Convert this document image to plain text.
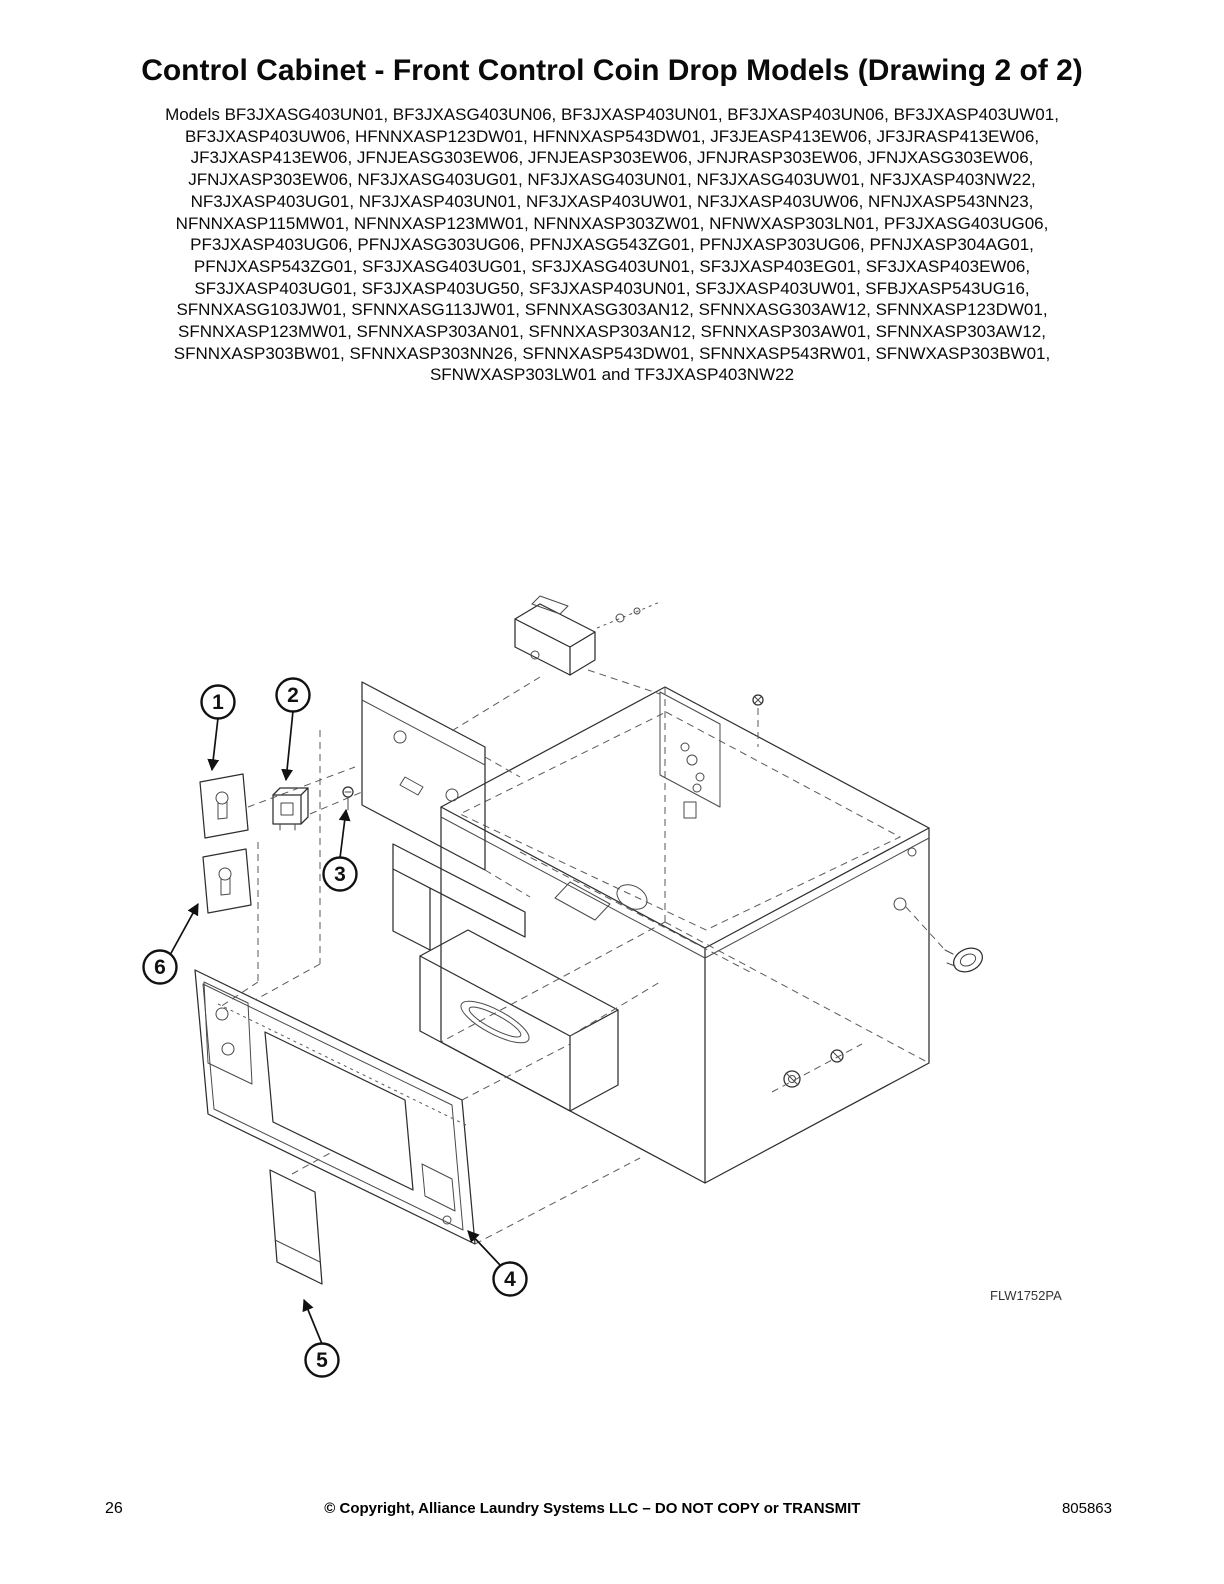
Control Cabinet - Front Control Coin Drop Models (Drawing 2 of 2)
Models BF3JXASG403UN01, BF3JXASG403UN06, BF3JXASP403UN01, BF3JXASP403UN06, BF3JXASP403UW01,
BF3JXASP403UW06, HFNNXASP123DW01, HFNNXASP543DW01, JF3JEASP413EW06, JF3JRASP413EW06,
JF3JXASP413EW06, JFNJEASG303EW06, JFNJEASP303EW06, JFNJRASP303EW06, JFNJXASG303EW06,
JFNJXASP303EW06, NF3JXASG403UG01, NF3JXASG403UN01, NF3JXASG403UW01, NF3JXASP403NW22,
NF3JXASP403UG01, NF3JXASP403UN01, NF3JXASP403UW01, NF3JXASP403UW06, NFNJXASP543NN23,
NFNNXASP115MW01, NFNNXASP123MW01, NFNNXASP303ZW01, NFNWXASP303LN01, PF3JXASG403UG06,
PF3JXASP403UG06, PFNJXASG303UG06, PFNJXASG543ZG01, PFNJXASP303UG06, PFNJXASP304AG01,
PFNJXASP543ZG01, SF3JXASG403UG01, SF3JXASG403UN01, SF3JXASP403EG01, SF3JXASP403EW06,
SF3JXASP403UG01, SF3JXASP403UG50, SF3JXASP403UN01, SF3JXASP403UW01, SFBJXASP543UG16,
SFNNXASG103JW01, SFNNXASG113JW01, SFNNXASG303AN12, SFNNXASG303AW12, SFNNXASP123DW01,
SFNNXASP123MW01, SFNNXASP303AN01, SFNNXASP303AN12, SFNNXASP303AW01, SFNNXASP303AW12,
SFNNXASP303BW01, SFNNXASP303NN26, SFNNXASP543DW01, SFNNXASP543RW01, SFNWXASP303BW01,
SFNWXASP303LW01 and TF3JXASP403NW22
1	2
3
4
5
6
FLW1752PA
26	© Copyright, Alliance Laundry Systems LLC – DO NOT COPY or TRANSMIT	805863
